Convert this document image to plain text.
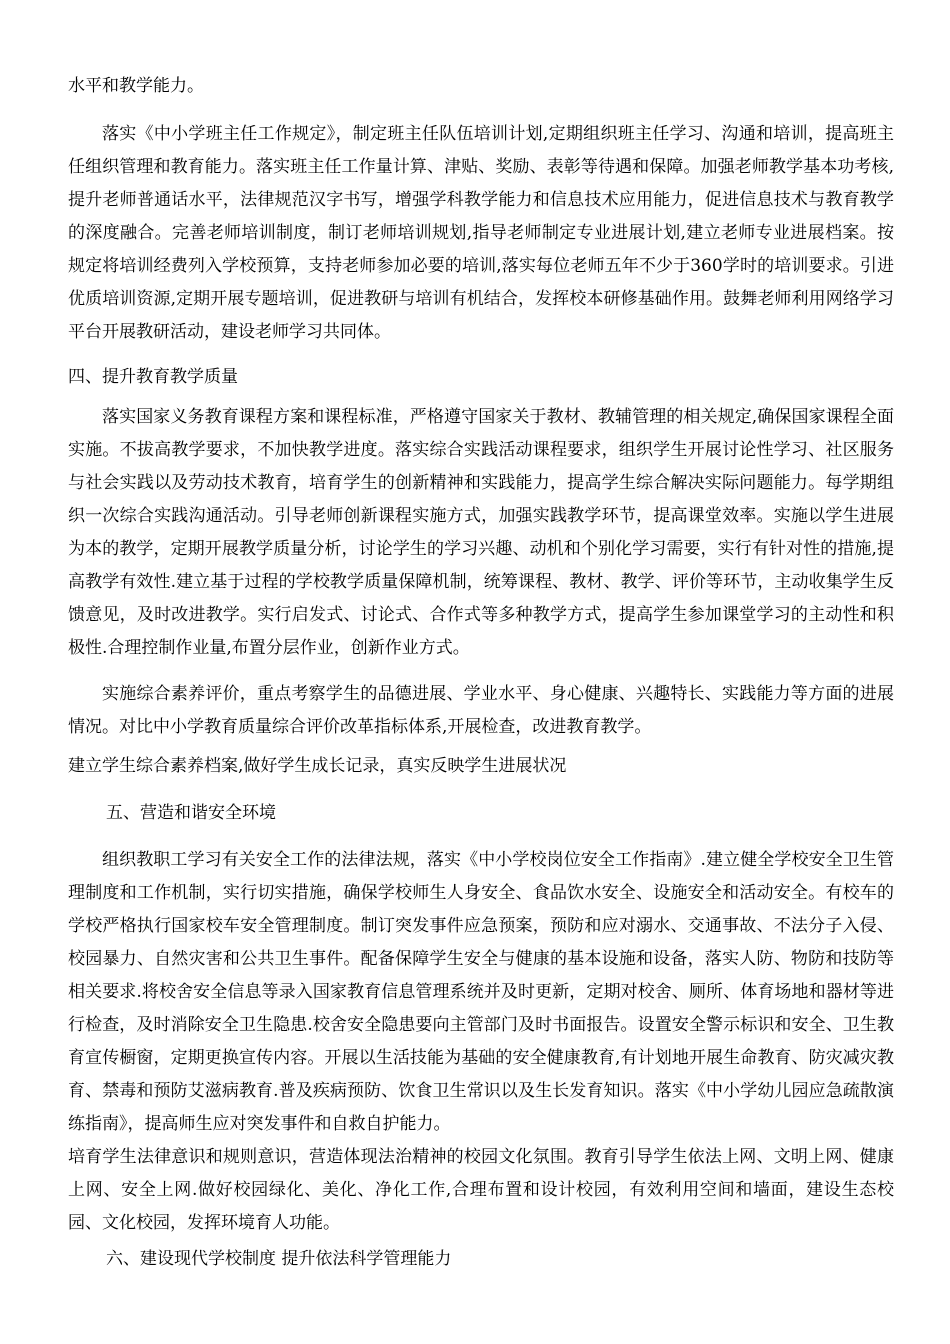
水平和教学能力。

落实《中小学班主任工作规定》，制定班主任队伍培训计划,定期组织班主任学习、沟通和培训，提高班主任组织管理和教育能力。落实班主任工作量计算、津贴、奖励、表彰等待遇和保障。加强老师教学基本功考核,提升老师普通话水平，法律规范汉字书写，增强学科教学能力和信息技术应用能力，促进信息技术与教育教学的深度融合。完善老师培训制度，制订老师培训规划,指导老师制定专业进展计划,建立老师专业进展档案。按规定将培训经费列入学校预算，支持老师参加必要的培训,落实每位老师五年不少于360学时的培训要求。引进优质培训资源,定期开展专题培训，促进教研与培训有机结合，发挥校本研修基础作用。鼓舞老师利用网络学习平台开展教研活动，建设老师学习共同体。

四、提升教育教学质量

落实国家义务教育课程方案和课程标准，严格遵守国家关于教材、教辅管理的相关规定,确保国家课程全面实施。不拔高教学要求，不加快教学进度。落实综合实践活动课程要求，组织学生开展讨论性学习、社区服务与社会实践以及劳动技术教育，培育学生的创新精神和实践能力，提高学生综合解决实际问题能力。每学期组织一次综合实践沟通活动。引导老师创新课程实施方式，加强实践教学环节，提高课堂效率。实施以学生进展为本的教学，定期开展教学质量分析，讨论学生的学习兴趣、动机和个别化学习需要，实行有针对性的措施,提高教学有效性.建立基于过程的学校教学质量保障机制，统筹课程、教材、教学、评价等环节，主动收集学生反馈意见，及时改进教学。实行启发式、讨论式、合作式等多种教学方式，提高学生参加课堂学习的主动性和积极性.合理控制作业量,布置分层作业，创新作业方式。

实施综合素养评价，重点考察学生的品德进展、学业水平、身心健康、兴趣特长、实践能力等方面的进展情况。对比中小学教育质量综合评价改革指标体系,开展检查，改进教育教学。

建立学生综合素养档案,做好学生成长记录，真实反映学生进展状况

五、营造和谐安全环境

组织教职工学习有关安全工作的法律法规，落实《中小学校岗位安全工作指南》.建立健全学校安全卫生管理制度和工作机制，实行切实措施，确保学校师生人身安全、食品饮水安全、设施安全和活动安全。有校车的学校严格执行国家校车安全管理制度。制订突发事件应急预案，预防和应对溺水、交通事故、不法分子入侵、校园暴力、自然灾害和公共卫生事件。配备保障学生安全与健康的基本设施和设备，落实人防、物防和技防等相关要求.将校舍安全信息等录入国家教育信息管理系统并及时更新，定期对校舍、厕所、体育场地和器材等进行检查，及时消除安全卫生隐患.校舍安全隐患要向主管部门及时书面报告。设置安全警示标识和安全、卫生教育宣传橱窗，定期更换宣传内容。开展以生活技能为基础的安全健康教育,有计划地开展生命教育、防灾减灾教育、禁毒和预防艾滋病教育.普及疾病预防、饮食卫生常识以及生长发育知识。落实《中小学幼儿园应急疏散演练指南》，提高师生应对突发事件和自救自护能力。

培育学生法律意识和规则意识，营造体现法治精神的校园文化氛围。教育引导学生依法上网、文明上网、健康上网、安全上网.做好校园绿化、美化、净化工作,合理布置和设计校园，有效利用空间和墙面，建设生态校园、文化校园，发挥环境育人功能。

六、建设现代学校制度 提升依法科学管理能力
